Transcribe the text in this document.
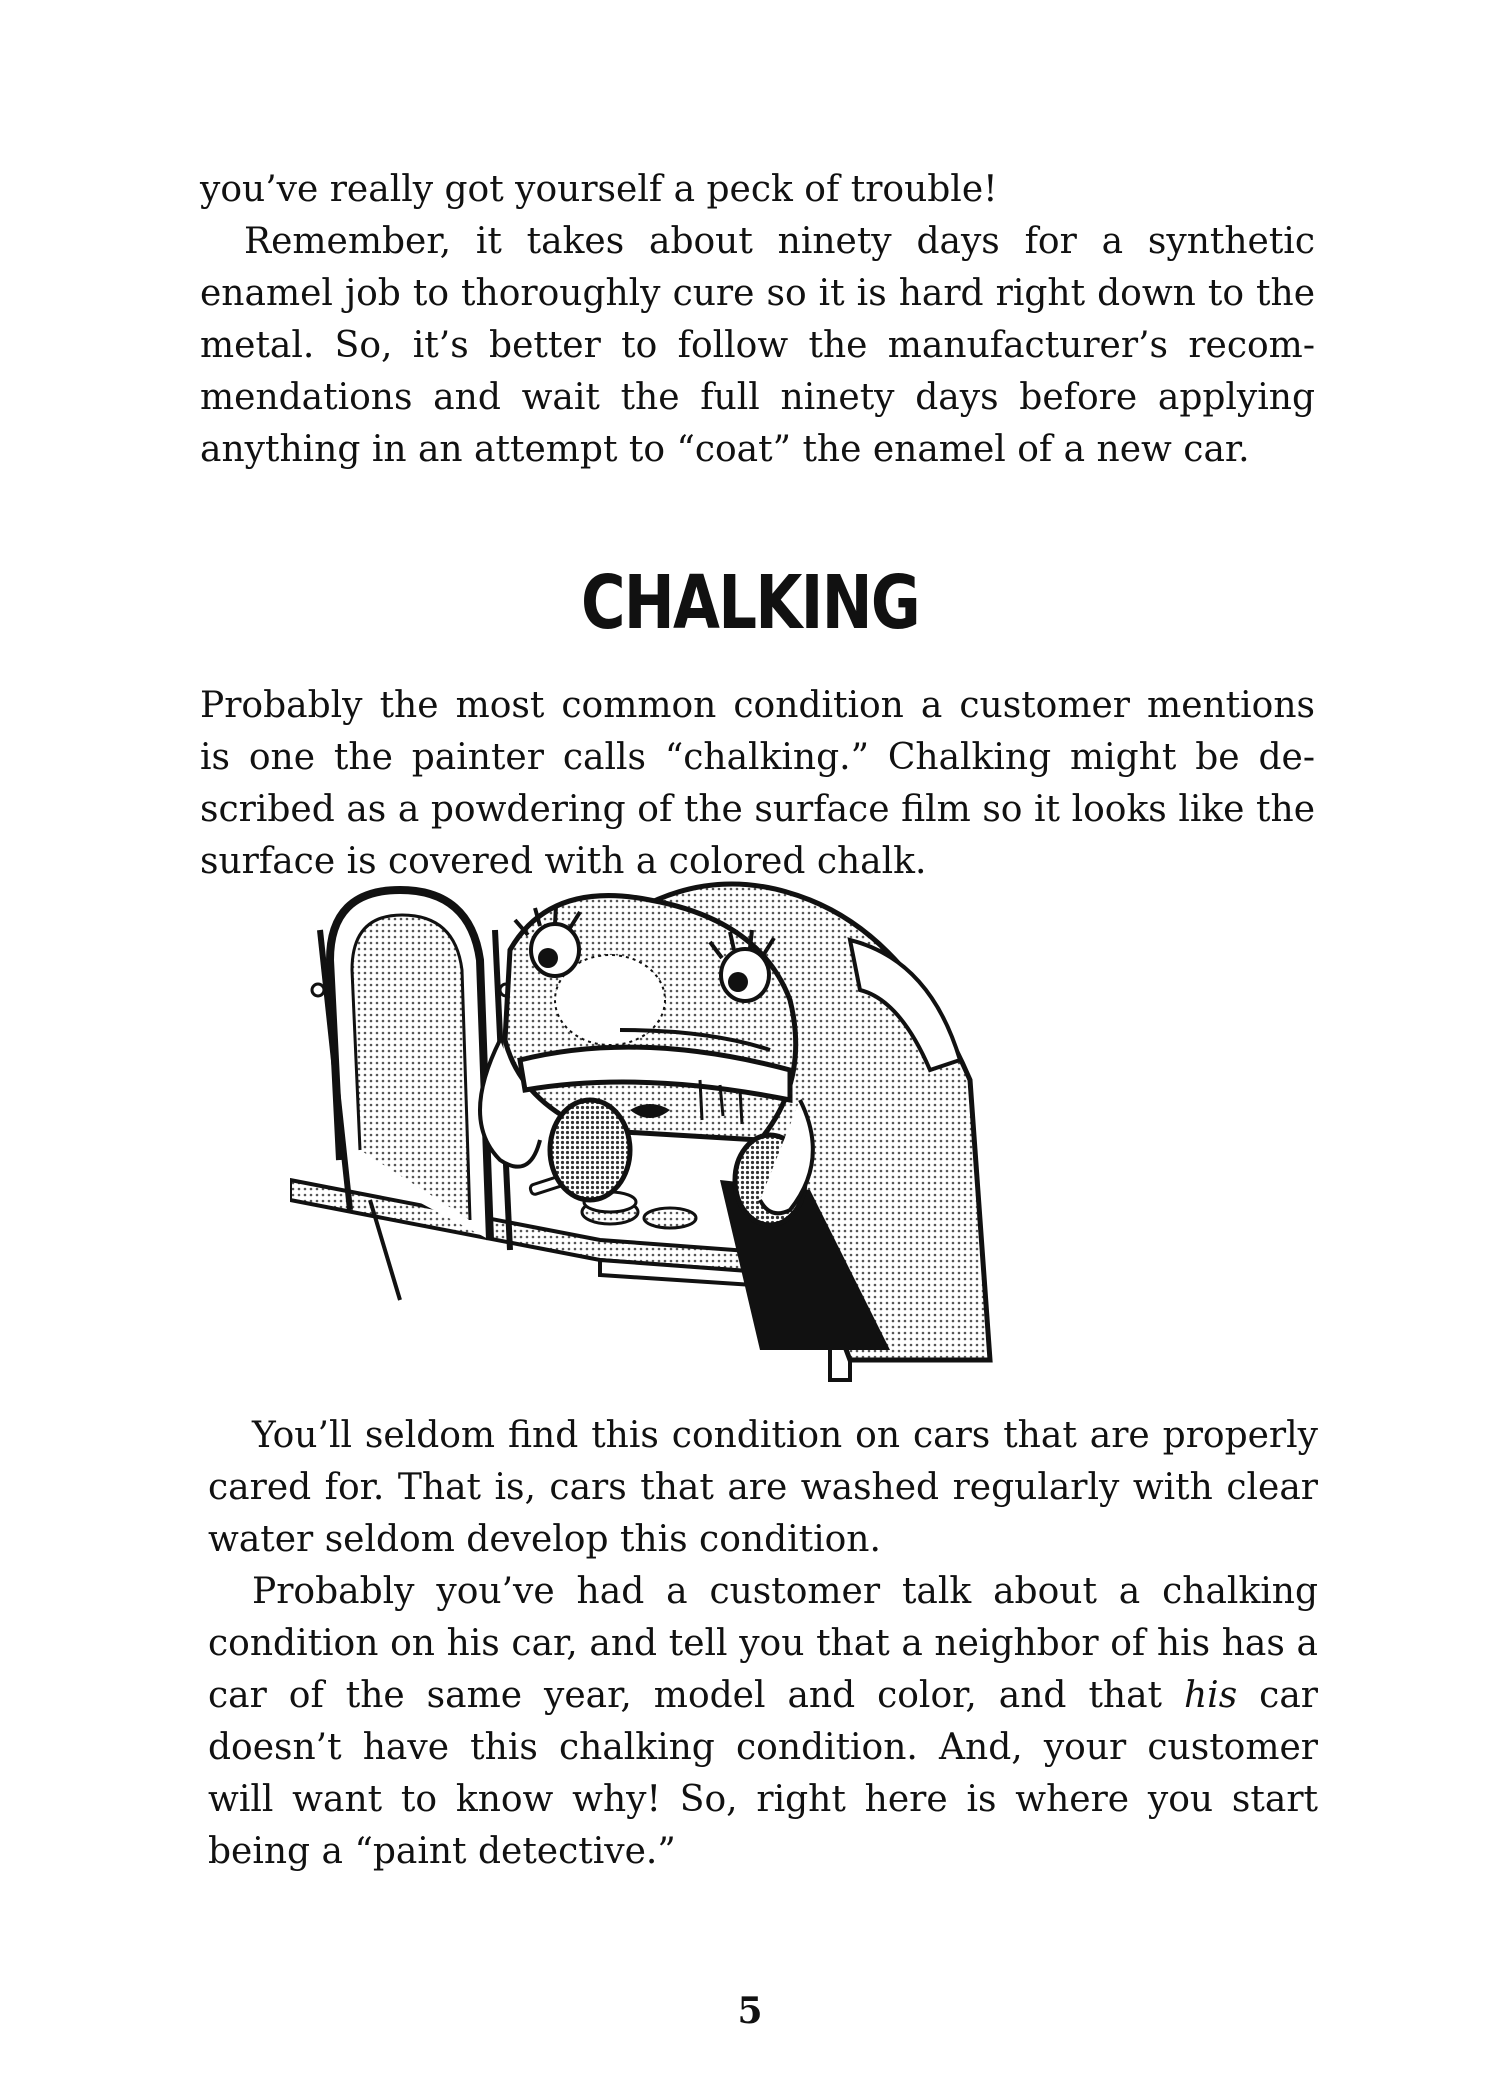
you’ve really got yourself a peck of trouble!

Remember, it takes about ninety days for a synthetic enamel job to thoroughly cure so it is hard right down to the metal. So, it’s better to follow the manufacturer’s recommendations and wait the full ninety days before applying anything in an attempt to “coat” the enamel of a new car.

CHALKING

Probably the most common condition a customer mentions is one the painter calls “chalking.” Chalking might be described as a powdering of the surface film so it looks like the surface is covered with a colored chalk.

You’ll seldom find this condition on cars that are properly cared for. That is, cars that are washed regularly with clear water seldom develop this condition.

Probably you’ve had a customer talk about a chalking condition on his car, and tell you that a neighbor of his has a car of the same year, model and color, and that his car doesn’t have this chalking condition. And, your customer will want to know why! So, right here is where you start being a “paint detective.”

5
